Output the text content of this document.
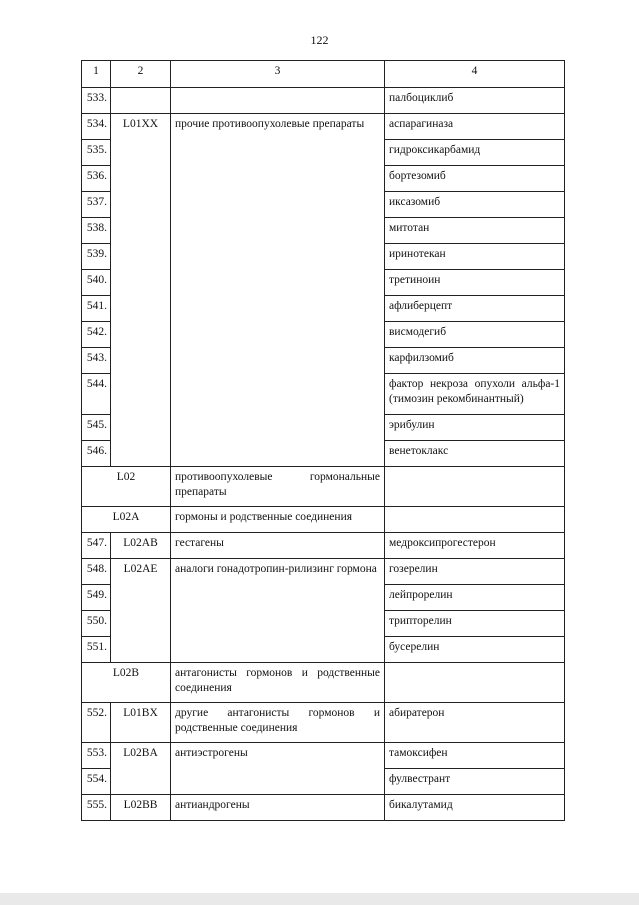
122
1	2	3	4
533.			палбоциклиб
534.	L01XX	прочие противоопухолевые препараты	аспарагиназа
535.			гидроксикарбамид
536.			бортезомиб
537.			иксазомиб
538.			митотан
539.			иринотекан
540.			третиноин
541.			афлиберцепт
542.			висмодегиб
543.			карфилзомиб
544.			фактор некроза опухоли альфа-1 (тимозин рекомбинантный)
545.			эрибулин
546.			венетоклакс
L02		противоопухолевые гормональные препараты	
L02A		гормоны и родственные соединения	
547.	L02AB	гестагены	медроксипрогестерон
548.	L02AE	аналоги гонадотропин-рилизинг гормона	гозерелин
549.			лейпрорелин
550.			трипторелин
551.			бусерелин
L02B		антагонисты гормонов и родственные соединения	
552.	L01BX	другие антагонисты гормонов и родственные соединения	абиратерон
553.	L02BA	антиэстрогены	тамоксифен
554.			фулвестрант
555.	L02BB	антиандрогены	бикалутамид
